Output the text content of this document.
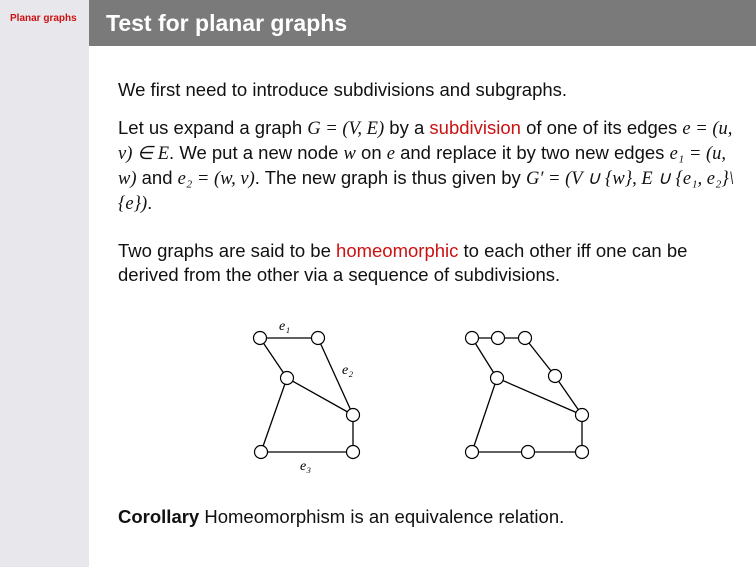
Planar graphs Test for planar graphs

We first need to introduce subdivisions and subgraphs.

Let us expand a graph G = (V, E) by a subdivision of one of its edges e = (u, v) ∈ E. We put a new node w on e and replace it by two new edges e₁ = (u, w) and e₂ = (w, v). The new graph is thus given by G′ = (V ∪ {w}, E ∪ {e₁, e₂}\{e}).

Two graphs are said to be homeomorphic to each other iff one can be derived from the other via a sequence of subdivisions.

Corollary Homeomorphism is an equivalence relation.

e₁
e₂
e₃
